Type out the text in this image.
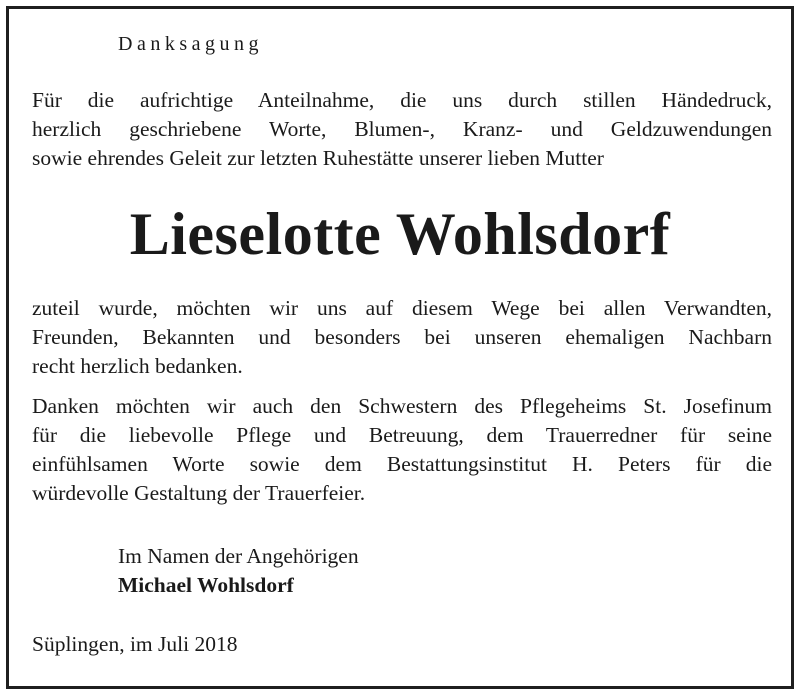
Danksagung
Für die aufrichtige Anteilnahme, die uns durch stillen Händedruck,
herzlich geschriebene Worte, Blumen-, Kranz- und Geldzuwendungen
sowie ehrendes Geleit zur letzten Ruhestätte unserer lieben Mutter
Lieselotte Wohlsdorf
zuteil wurde, möchten wir uns auf diesem Wege bei allen Verwandten,
Freunden, Bekannten und besonders bei unseren ehemaligen Nachbarn
recht herzlich bedanken.
Danken möchten wir auch den Schwestern des Pflegeheims St. Josefinum
für die liebevolle Pflege und Betreuung, dem Trauerredner für seine
einfühlsamen Worte sowie dem Bestattungsinstitut H. Peters für die
würdevolle Gestaltung der Trauerfeier.
Im Namen der Angehörigen
Michael Wohlsdorf
Süplingen, im Juli 2018
